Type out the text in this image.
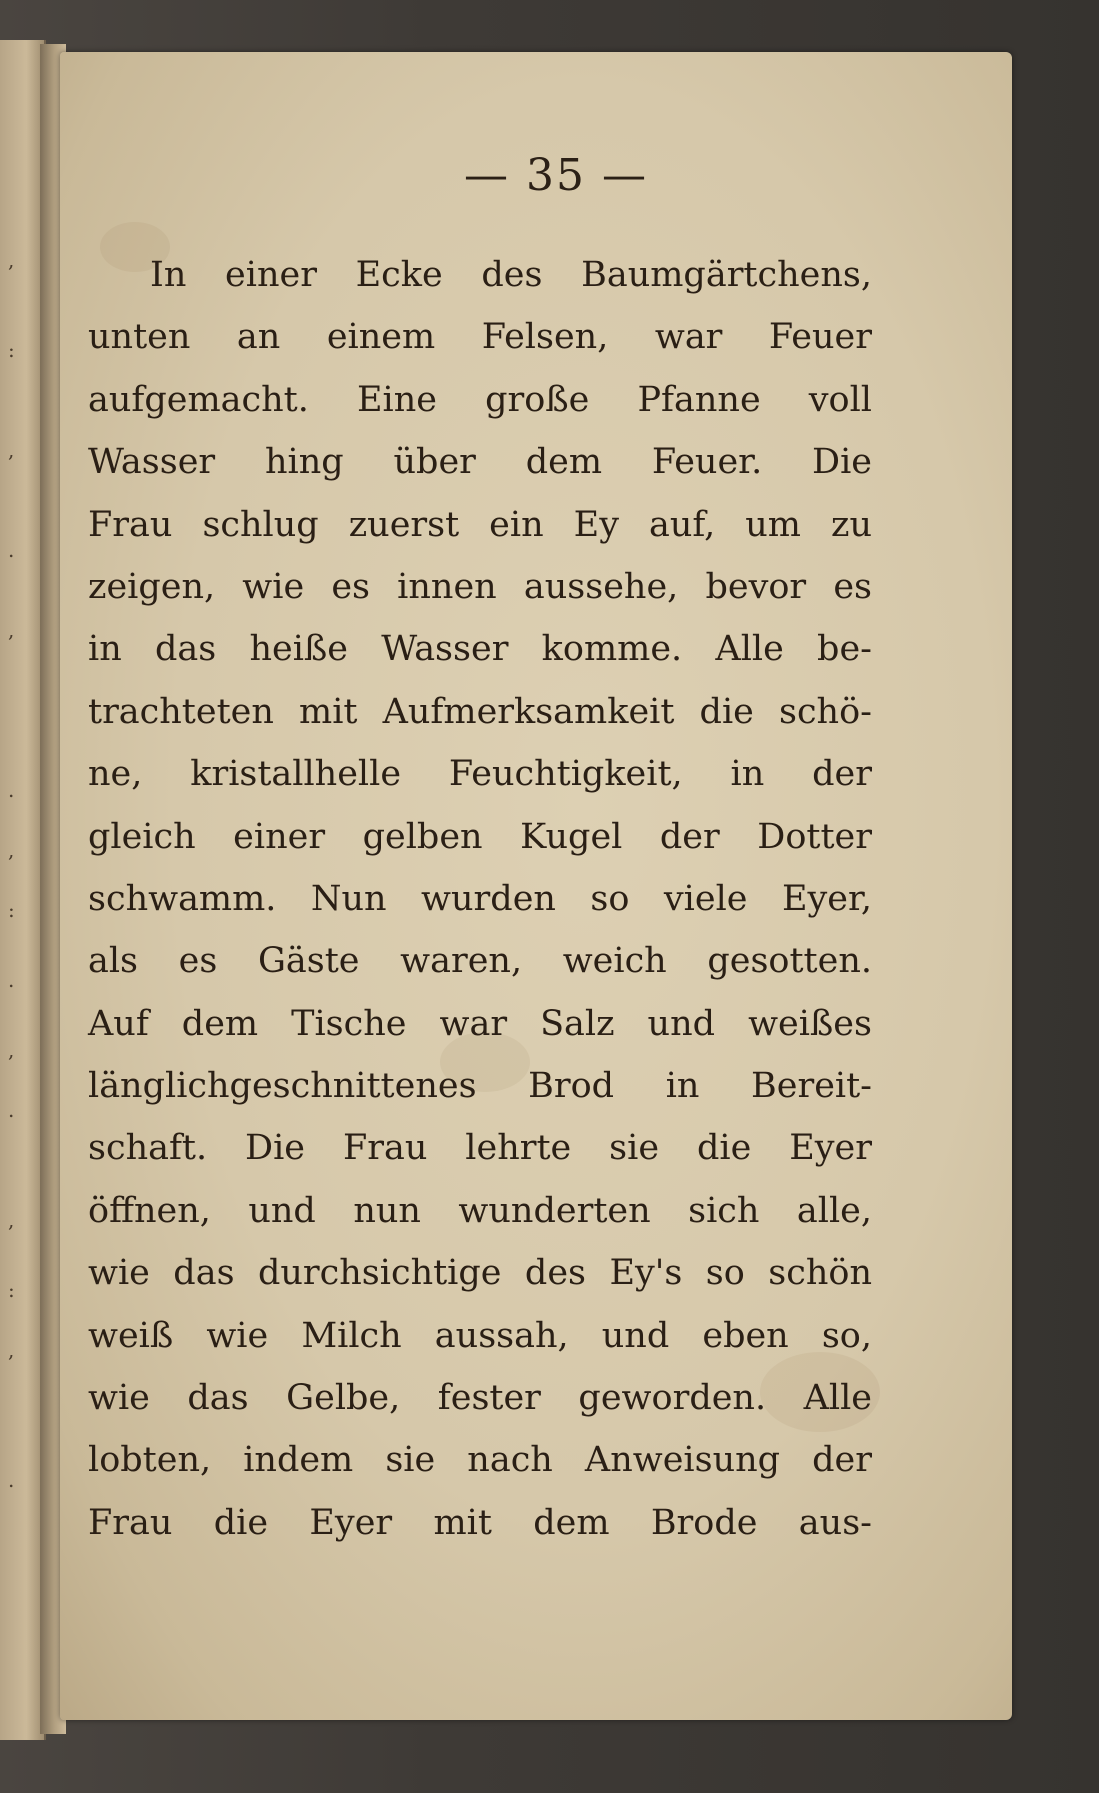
,
:
,
.
,
.
,
:
.
,
.
,
:
,
.
— 35 —
In einer Ecke des Baumgärtchens,
unten an einem Felsen, war Feuer
aufgemacht. Eine große Pfanne voll
Wasser hing über dem Feuer. Die
Frau schlug zuerst ein Ey auf, um zu
zeigen, wie es innen aussehe, bevor es
in das heiße Wasser komme. Alle be-
trachteten mit Aufmerksamkeit die schö-
ne, kristallhelle Feuchtigkeit, in der
gleich einer gelben Kugel der Dotter
schwamm. Nun wurden so viele Eyer,
als es Gäste waren, weich gesotten.
Auf dem Tische war Salz und weißes
länglichgeschnittenes Brod in Bereit-
schaft. Die Frau lehrte sie die Eyer
öffnen, und nun wunderten sich alle,
wie das durchsichtige des Ey's so schön
weiß wie Milch aussah, und eben so,
wie das Gelbe, fester geworden. Alle
lobten, indem sie nach Anweisung der
Frau die Eyer mit dem Brode aus-
